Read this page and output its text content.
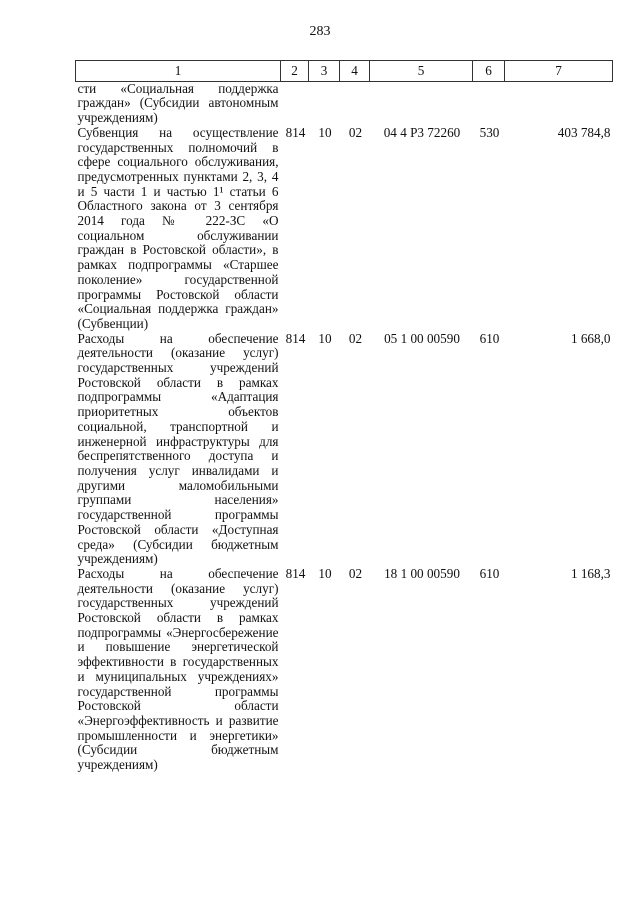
283
1	2	3	4	5	6	7
сти «Социальная поддержка граждан» (Субсидии автономным учреждениям)						
Субвенция на осуществление государственных полномочий в сфере социального обслуживания, предусмотренных пунктами 2, 3, 4 и 5 части 1 и частью 1¹ статьи 6 Областного закона от 3 сентября 2014 года № 222-ЗС «О социальном обслуживании граждан в Ростовской области», в рамках подпрограммы «Старшее поколение» государственной программы Ростовской области «Социальная поддержка граждан» (Субвенции)	814	10	02	04 4 Р3 72260	530	403 784,8
Расходы на обеспечение деятельности (оказание услуг) государственных учреждений Ростовской области в рамках подпрограммы «Адаптация приоритетных объектов социальной, транспортной и инженерной инфраструктуры для беспрепятственного доступа и получения услуг инвалидами и другими маломобильными группами населения» государственной программы Ростовской области «Доступная среда» (Субсидии бюджетным учреждениям)	814	10	02	05 1 00 00590	610	1 668,0
Расходы на обеспечение деятельности (оказание услуг) государственных учреждений Ростовской области в рамках подпрограммы «Энергосбережение и повышение энергетической эффективности в государственных и муниципальных учреждениях» государственной программы Ростовской области «Энергоэффективность и развитие промышленности и энергетики» (Субсидии бюджетным учреждениям)	814	10	02	18 1 00 00590	610	1 168,3
